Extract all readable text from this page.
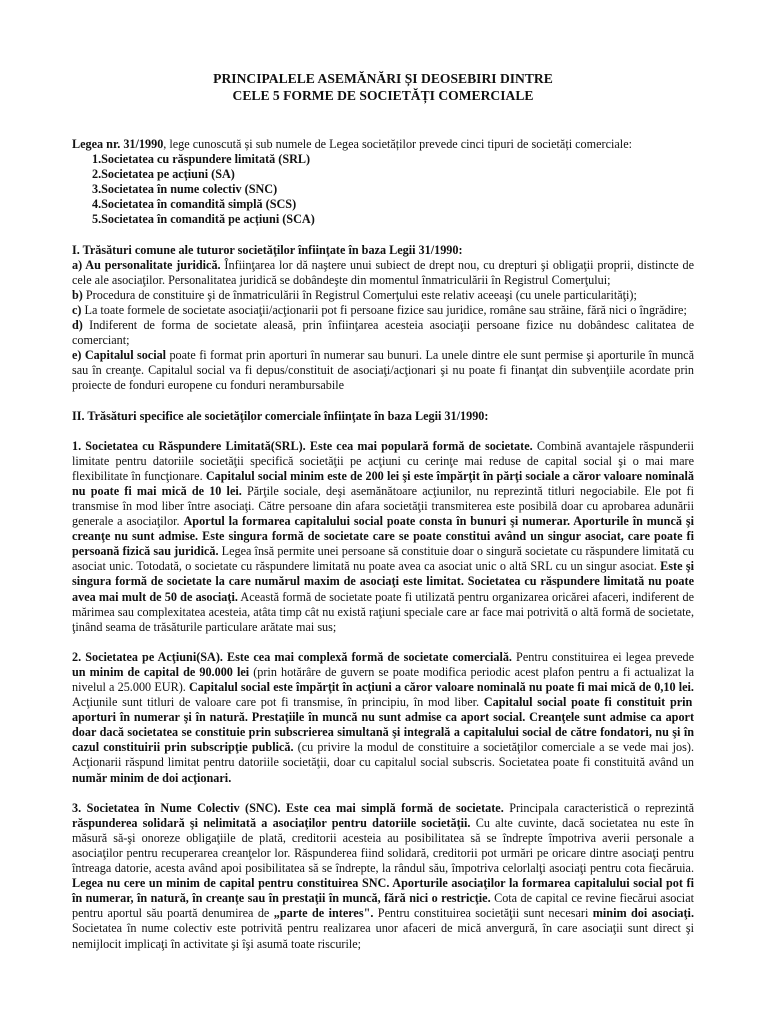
PRINCIPALELE ASEMĂNĂRI ȘI DEOSEBIRI DINTRE
CELE 5 FORME DE SOCIETĂȚI COMERCIALE

Legea nr. 31/1990, lege cunoscută și sub numele de Legea societăților prevede cinci tipuri de societăți comerciale:

1.Societatea cu răspundere limitată (SRL)
2.Societatea pe acțiuni (SA)
3.Societatea în nume colectiv (SNC)
4.Societatea în comandită simplă (SCS)
5.Societatea în comandită pe acțiuni (SCA)

I. Trăsături comune ale tuturor societăţilor înfiinţate în baza Legii 31/1990:

a) Au personalitate juridică. Înfiinţarea lor dă naştere unui subiect de drept nou, cu drepturi şi obligaţii proprii, distincte de cele ale asociaţilor. Personalitatea juridică se dobândeşte din momentul înmatriculării în Registrul Comerţului;

b) Procedura de constituire şi de înmatriculării în Registrul Comerţului este relativ aceeaşi (cu unele particularităţi);

c) La toate formele de societate asociaţii/acţionarii pot fi persoane fizice sau juridice, române sau străine, fără nici o îngrădire;

d) Indiferent de forma de societate aleasă, prin înfiinţarea acesteia asociaţii persoane fizice nu dobândesc calitatea de comerciant;

e) Capitalul social poate fi format prin aporturi în numerar sau bunuri. La unele dintre ele sunt permise şi aporturile în muncă sau în creanţe. Capitalul social va fi depus/constituit de asociaţi/acţionari şi nu poate fi finanţat din subvenţiile acordate prin proiecte de fonduri europene cu fonduri nerambursabile

II. Trăsături specifice ale societăţilor comerciale înfiinţate în baza Legii 31/1990:

1. Societatea cu Răspundere Limitată(SRL). Este cea mai populară formă de societate. Combină avantajele răspunderii limitate pentru datoriile societăţii specifică societăţii pe acţiuni cu cerinţe mai reduse de capital social şi o mai mare flexibilitate în funcţionare. Capitalul social minim este de 200 lei şi este împărţit în părţi sociale a căror valoare nominală nu poate fi mai mică de 10 lei. Părţile sociale, deşi asemănătoare acţiunilor, nu reprezintă titluri negociabile. Ele pot fi transmise în mod liber între asociaţi. Către persoane din afara societăţii transmiterea este posibilă doar cu aprobarea adunării generale a asociaţilor. Aportul la formarea capitalului social poate consta în bunuri şi numerar. Aporturile în muncă şi creanţe nu sunt admise. Este singura formă de societate care se poate constitui având un singur asociat, care poate fi persoană fizică sau juridică. Legea însă permite unei persoane să constituie doar o singură societate cu răspundere limitată cu asociat unic. Totodată, o societate cu răspundere limitată nu poate avea ca asociat unic o altă SRL cu un singur asociat. Este şi singura formă de societate la care numărul maxim de asociaţi este limitat. Societatea cu răspundere limitată nu poate avea mai mult de 50 de asociaţi. Această formă de societate poate fi utilizată pentru organizarea oricărei afaceri, indiferent de mărimea sau complexitatea acesteia, atâta timp cât nu există raţiuni speciale care ar face mai potrivită o altă formă de societate, ţinând seama de trăsăturile particulare arătate mai sus;

2. Societatea pe Acţiuni(SA). Este cea mai complexă formă de societate comercială. Pentru constituirea ei legea prevede un minim de capital de 90.000 lei (prin hotărâre de guvern se poate modifica periodic acest plafon pentru a fi actualizat la nivelul a 25.000 EUR). Capitalul social este împărţit în acţiuni a căror valoare nominală nu poate fi mai mică de 0,10 lei. Acţiunile sunt titluri de valoare care pot fi transmise, în principiu, în mod liber. Capitalul social poate fi constituit prin aporturi în numerar şi în natură. Prestaţiile în muncă nu sunt admise ca aport social. Creanţele sunt admise ca aport doar dacă societatea se constituie prin subscrierea simultană şi integrală a capitalului social de către fondatori, nu şi în cazul constituirii prin subscripţie publică. (cu privire la modul de constituire a societăţilor comerciale a se vede mai jos). Acţionarii răspund limitat pentru datoriile societăţii, doar cu capitalul social subscris. Societatea poate fi constituită având un număr minim de doi acţionari.

3. Societatea în Nume Colectiv (SNC). Este cea mai simplă formă de societate. Principala caracteristică o reprezintă răspunderea solidară şi nelimitată a asociaţilor pentru datoriile societăţii. Cu alte cuvinte, dacă societatea nu este în măsură să-şi onoreze obligaţiile de plată, creditorii acesteia au posibilitatea să se îndrepte împotriva averii personale a asociaţilor pentru recuperarea creanţelor lor. Răspunderea fiind solidară, creditorii pot urmări pe oricare dintre asociaţi pentru întreaga datorie, acesta având apoi posibilitatea să se îndrepte, la rândul său, împotriva celorlalţi asociaţi pentru cota fiecăruia. Legea nu cere un minim de capital pentru constituirea SNC. Aporturile asociaţilor la formarea capitalului social pot fi în numerar, în natură, în creanţe sau în prestaţii în muncă, fără nici o restricţie. Cota de capital ce revine fiecărui asociat pentru aportul său poartă denumirea de „parte de interes". Pentru constituirea societăţii sunt necesari minim doi asociaţi. Societatea în nume colectiv este potrivită pentru realizarea unor afaceri de mică anvergură, în care asociaţii sunt direct şi nemijlocit implicaţi în activitate şi îşi asumă toate riscurile;
